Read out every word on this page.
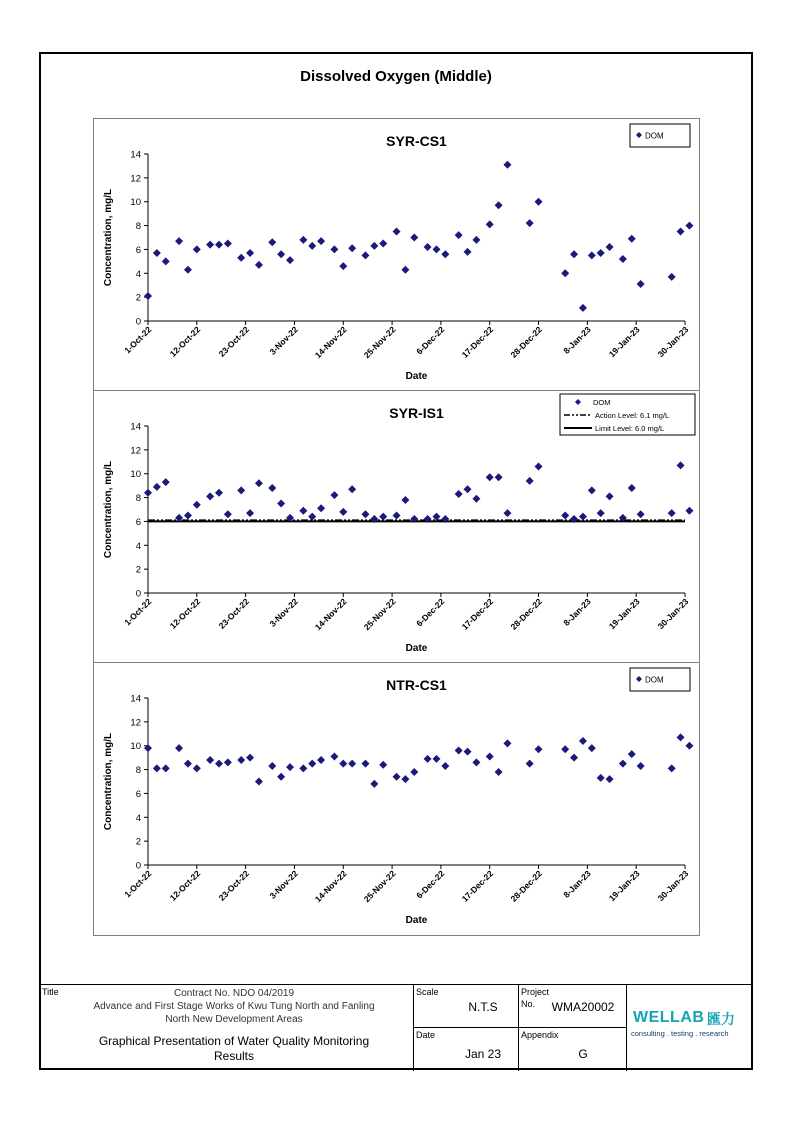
Dissolved Oxygen (Middle)
SYR-CS1
0
2
4
6
8
10
12
14
1-Oct-22 12-Oct-22 23-Oct-22 3-Nov-22 14-Nov-22 25-Nov-22 6-Dec-22 17-Dec-22 28-Dec-22 8-Jan-23 19-Jan-23 30-Jan-23
Concentration, mg/L
Date
DOM
SYR-IS1
0
2
4
6
8
10
12
14
1-Oct-22 12-Oct-22 23-Oct-22 3-Nov-22 14-Nov-22 25-Nov-22 6-Dec-22 17-Dec-22 28-Dec-22 8-Jan-23 19-Jan-23 30-Jan-23
Concentration, mg/L
Date
DOM
Action Level: 6.1 mg/L
Limit Level: 6.0 mg/L
NTR-CS1
0
2
4
6
8
10
12
14
1-Oct-22 12-Oct-22 23-Oct-22 3-Nov-22 14-Nov-22 25-Nov-22 6-Dec-22 17-Dec-22 28-Dec-22 8-Jan-23 19-Jan-23 30-Jan-23
Concentration, mg/L
Date
DOM
Title	Contract No. NDO 04/2019
Advance and First Stage Works of Kwu Tung North and Fanling
North New Development Areas
Graphical Presentation of Water Quality Monitoring
Results
Scale
N.T.S
Date
Jan 23
Project
No.	WMA20002
Appendix
G
WELLAB 匯力
consulting . testing . research
